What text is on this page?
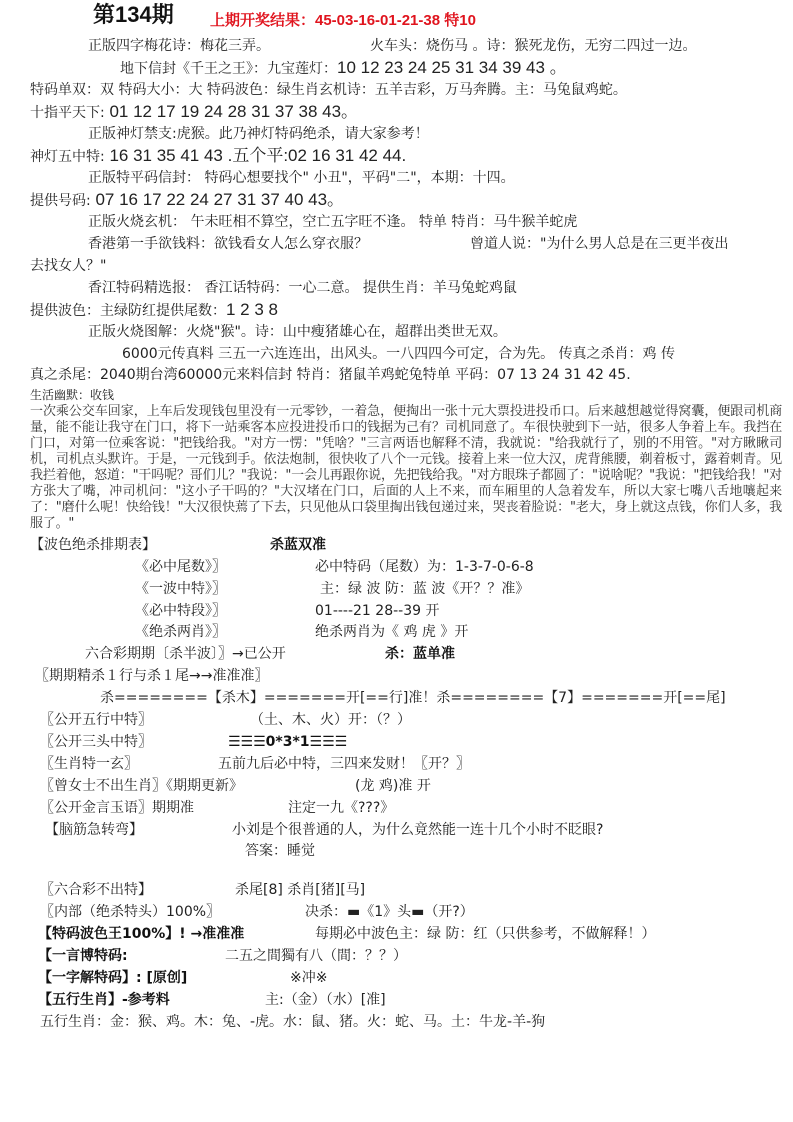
第134期 上期开奖结果：45-03-16-01-21-38 特10
正版四字梅花诗：梅花三弄。	火车头：烧伤马 。诗：猴死龙伤，无穷二四过一边。
地下信封《千王之王》：九宝莲灯：10 12 23 24 25 31 34 39 43 。
特码单双：双 特码大小：大 特码波色：绿生肖玄机诗：五羊吉彩，万马奔腾。主：马兔鼠鸡蛇。
十指平天下: 01 12 17 19 24 28 31 37 38 43。
正版神灯禁支:虎猴。此乃神灯特码绝杀，请大家参考！
神灯五中特: 16 31 35 41 43 .五个平:02 16 31 42 44.
正版特平码信封： 特码心想要找个" 小丑"，平码"二"，本期：十四。
提供号码: 07 16 17 22 24 27 31 37 40 43。
正版火烧玄机： 午未旺相不算空，空亡五字旺不逢。 特单 特肖：马牛猴羊蛇虎
香港第一手欲钱料：欲钱看女人怎么穿衣服？	曾道人说："为什么男人总是在三更半夜出
去找女人？"
香江特码精选报： 香江话特码：一心二意。 提供生肖：羊马兔蛇鸡鼠
提供波色：主绿防红提供尾数：1 2 3 8
正版火烧图解：火烧"猴"。诗：山中瘦猪雄心在，超群出类世无双。
6000元传真料 三五一六连连出，出风头。一八四四今可定，合为先。 传真之杀肖：鸡 传
真之杀尾：2040期台湾60000元来料信封 特肖：猪鼠羊鸡蛇兔特单 平码：07 13 24 31 42 45.
生活幽默：收钱
一次乘公交车回家，上车后发现钱包里没有一元零钞，一着急，便掏出一张十元大票投进投币口。后来越想越觉得窝囊，便跟司机商量，能不能让我守在门口，将下一站乘客本应投进投币口的钱据为己有？司机同意了。车很快驶到下一站，很多人争着上车。我挡在门口，对第一位乘客说："把钱给我。"对方一愣："凭啥？"三言两语也解释不清，我就说："给我就行了，别的不用管。"对方瞅瞅司机，司机点头默许。于是，一元钱到手。依法炮制，很快收了八个一元钱。接着上来一位大汉，虎背熊腰，剃着板寸，露着刺青。见我拦着他，怒道："干吗呢？哥们儿？"我说："一会儿再跟你说，先把钱给我。"对方眼珠子都圆了："说啥呢？"我说："把钱给我！"对方张大了嘴，冲司机问："这小子干吗的？"大汉堵在门口，后面的人上不来，而车厢里的人急着发车，所以大家七嘴八舌地嚷起来了："磨什么呢！快给钱！"大汉很快蔫了下去，只见他从口袋里掏出钱包递过来，哭丧着脸说："老大，身上就这点钱，你们人多，我服了。"
【波色绝杀排期表】	杀蓝双准
《必中尾数》〗	必中特码（尾数）为：1-3-7-0-6-8
《一波中特》〗	主：绿 波 防：蓝 波《开？？准》
《必中特段》〗	01----21 28--39 开
《绝杀两肖》〗	绝杀两肖为《 鸡 虎 》开
六合彩期期〔杀半波〕〗→已公开	杀：蓝单准
〖期期精杀１行与杀１尾→→准准准〗
杀========【杀木】=======开[==行]准！杀========【7】=======开[==尾]
〖公开五行中特〗	（土、木、火）开：（？）
〖公开三头中特〗	☰☰☰0*3*1☰☰☰
〖生肖特一玄〗	五前九后必中特，三四来发财！〖开？〗
〖曾女士不出生肖〗《期期更新》	(龙 鸡)准 开
〖公开金言玉语〗期期准	注定一九《???》
【脑筋急转弯】	小刘是个很普通的人，为什么竟然能一连十几个小时不眨眼?
答案：睡觉
〖六合彩不出特】	杀尾[8] 杀肖[猪][马]
〖内部（绝杀特头）100%〗	决杀：▬《1》头▬（开?）
【特码波色王100%】! →准准准	每期必中波色主：绿 防：红（只供参考，不做解释！）
【一言博特码:	二五之間獨有八（間：？？）
【一字解特码】: [原创]	※冲※
【五行生肖】-参考料	主:（金）（水）[准]
五行生肖：金：猴、鸡。木：兔、-虎。水：鼠、猪。火：蛇、马。土：牛龙-羊-狗
